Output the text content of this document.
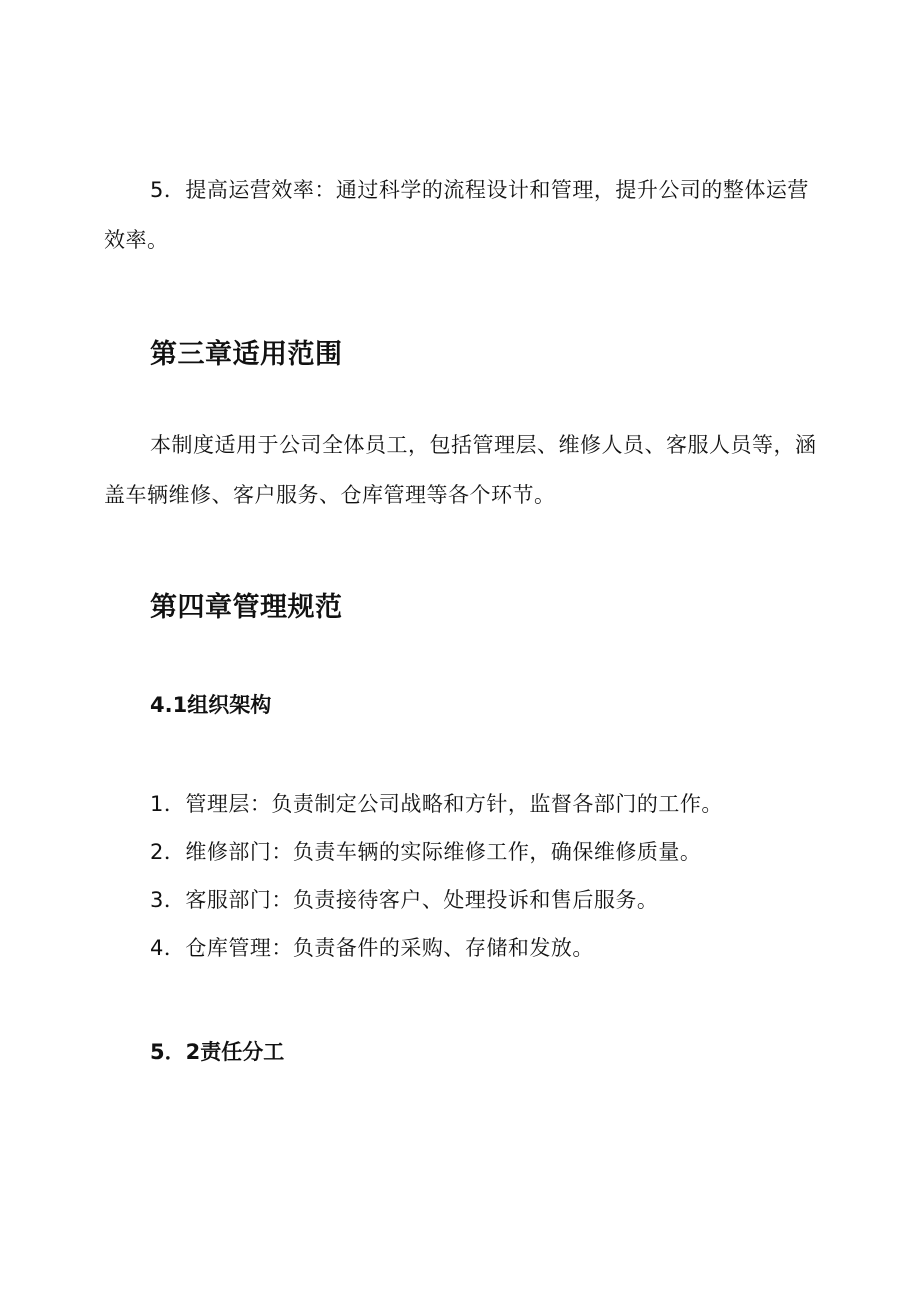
5．提高运营效率：通过科学的流程设计和管理，提升公司的整体运营效率。

第三章适用范围

本制度适用于公司全体员工，包括管理层、维修人员、客服人员等，涵盖车辆维修、客户服务、仓库管理等各个环节。

第四章管理规范
4.1组织架构
1．管理层：负责制定公司战略和方针，监督各部门的工作。
2．维修部门：负责车辆的实际维修工作，确保维修质量。
3．客服部门：负责接待客户、处理投诉和售后服务。
4．仓库管理：负责备件的采购、存储和发放。
5．2责任分工
